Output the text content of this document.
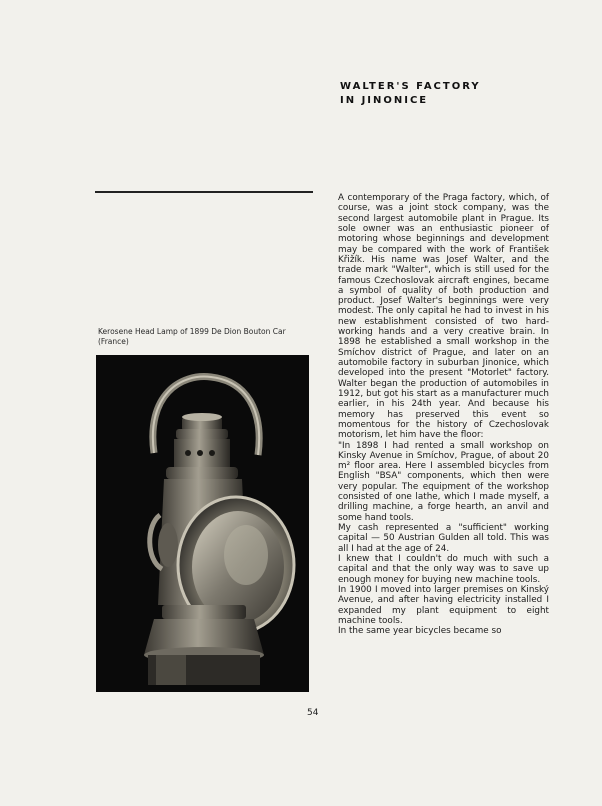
WALTER'S FACTORY
IN JINONICE
Kerosene Head Lamp of 1899 De Dion Bouton Car (France)

A contemporary of the Praga factory, which, of course, was a joint stock company, was the second largest automobile plant in Prague. Its sole owner was an enthusiastic pioneer of motoring whose beginnings and development may be compared with the work of František Křižík. His name was Josef Walter, and the trade mark "Walter", which is still used for the famous Czechoslovak aircraft engines, became a symbol of quality of both production and product. Josef Walter's beginnings were very modest. The only capital he had to invest in his new establishment consisted of two hard-working hands and a very creative brain. In 1898 he established a small workshop in the Smíchov district of Prague, and later on an automobile factory in suburban Jinonice, which developed into the present "Motorlet" factory. Walter began the production of automobiles in 1912, but got his start as a manufacturer much earlier, in his 24th year. And because his memory has preserved this event so momentous for the history of Czechoslovak motorism, let him have the floor:

"In 1898 I had rented a small workshop on Kinsky Avenue in Smíchov, Prague, of about 20 m² floor area. Here I assembled bicycles from English "BSA" components, which then were very popular. The equipment of the workshop consisted of one lathe, which I made myself, a drilling machine, a forge hearth, an anvil and some hand tools.

My cash represented a "sufficient" working capital — 50 Austrian Gulden all told. This was all I had at the age of 24.

I knew that I couldn't do much with such a capital and that the only way was to save up enough money for buying new machine tools.

In 1900 I moved into larger premises on Kinský Avenue, and after having electricity installed I expanded my plant equipment to eight machine tools.

In the same year bicycles became so

54
